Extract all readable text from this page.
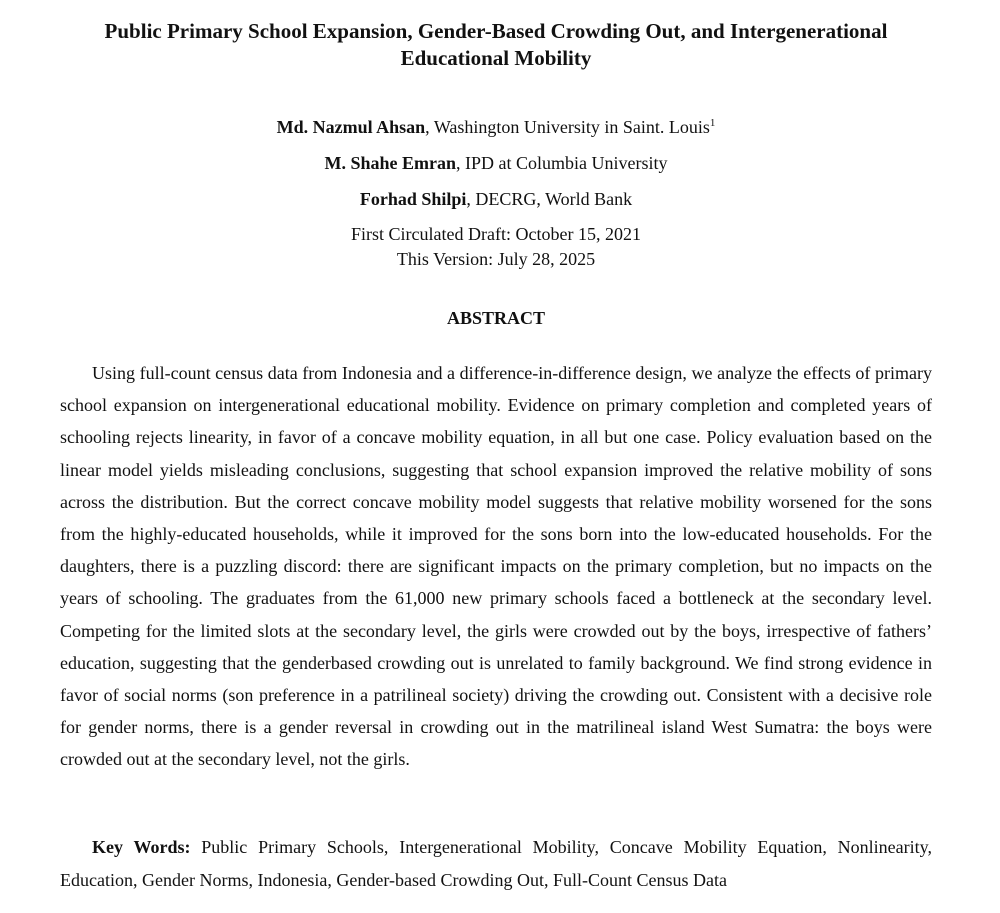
Public Primary School Expansion, Gender-Based Crowding Out, and Intergenerational Educational Mobility
Md. Nazmul Ahsan, Washington University in Saint. Louis$^1$
M. Shahe Emran, IPD at Columbia University
Forhad Shilpi, DECRG, World Bank
First Circulated Draft: October 15, 2021
This Version: July 28, 2025
ABSTRACT

Using full-count census data from Indonesia and a difference-in-difference design, we analyze the effects of primary school expansion on intergenerational educational mobility. Evidence on primary completion and completed years of schooling rejects linearity, in favor of a concave mobility equation, in all but one case. Policy evaluation based on the linear model yields misleading conclusions, suggesting that school expansion improved the relative mobility of sons across the distribution. But the correct concave mobility model suggests that relative mobility worsened for the sons from the highly-educated households, while it improved for the sons born into the low-educated households. For the daughters, there is a puzzling discord: there are significant impacts on the primary completion, but no impacts on the years of schooling. The graduates from the 61,000 new primary schools faced a bottleneck at the secondary level. Competing for the limited slots at the secondary level, the girls were crowded out by the boys, irrespective of fathers’ education, suggesting that the genderbased crowding out is unrelated to family background. We find strong evidence in favor of social norms (son preference in a patrilineal society) driving the crowding out. Consistent with a decisive role for gender norms, there is a gender reversal in crowding out in the matrilineal island West Sumatra: the boys were crowded out at the secondary level, not the girls.

Key Words: Public Primary Schools, Intergenerational Mobility, Concave Mobility Equation, Nonlinearity, Education, Gender Norms, Indonesia, Gender-based Crowding Out, Full-Count Census Data
